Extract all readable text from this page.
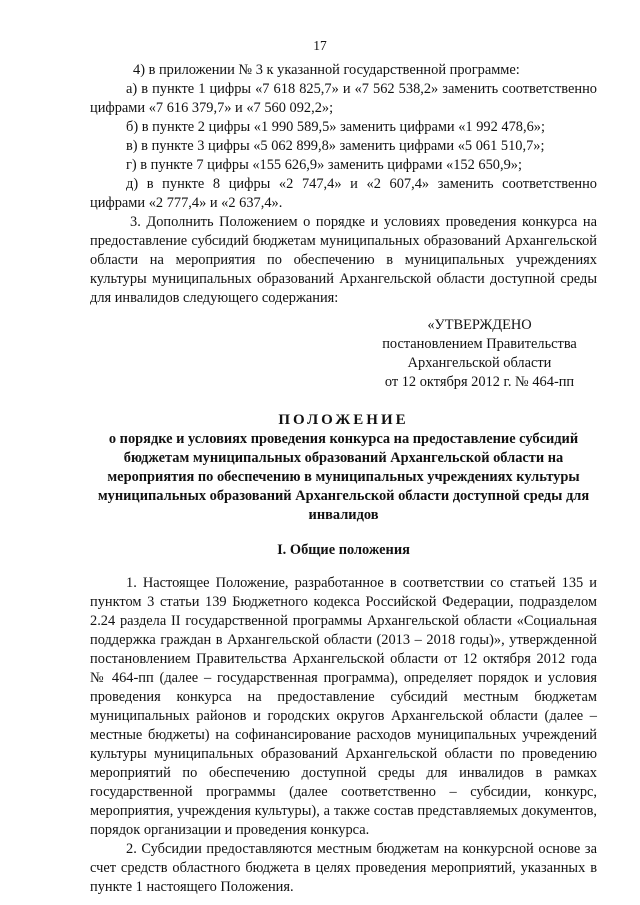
17

4) в приложении № 3 к указанной государственной программе:

а) в пункте 1 цифры «7 618 825,7» и «7 562 538,2» заменить соответственно цифрами «7 616 379,7» и «7 560 092,2»;

б) в пункте 2 цифры «1 990 589,5» заменить цифрами «1 992 478,6»;

в) в пункте 3 цифры «5 062 899,8» заменить цифрами «5 061 510,7»;

г) в пункте 7 цифры «155 626,9» заменить цифрами «152 650,9»;

д) в пункте 8 цифры «2 747,4» и «2 607,4» заменить соответственно цифрами «2 777,4» и «2 637,4».

3. Дополнить Положением о порядке и условиях проведения конкурса на предоставление субсидий бюджетам муниципальных образований Архангельской области на мероприятия по обеспечению в муниципальных учреждениях культуры муниципальных образований Архангельской области доступной среды для инвалидов следующего содержания:

«УТВЕРЖДЕНО
постановлением Правительства
Архангельской области
от 12 октября 2012 г. № 464-пп
ПОЛОЖЕНИЕ
о порядке и условиях проведения конкурса на предоставление субсидий бюджетам муниципальных образований Архангельской области на мероприятия по обеспечению в муниципальных учреждениях культуры муниципальных образований Архангельской области доступной среды для инвалидов
I. Общие положения

1. Настоящее Положение, разработанное в соответствии со статьей 135 и пунктом 3 статьи 139 Бюджетного кодекса Российской Федерации, подразделом 2.24 раздела II государственной программы Архангельской области «Социальная поддержка граждан в Архангельской области (2013 – 2018 годы)», утвержденной постановлением Правительства Архангельской области от 12 октября 2012 года № 464-пп (далее – государственная программа), определяет порядок и условия проведения конкурса на предоставление субсидий местным бюджетам муниципальных районов и городских округов Архангельской области (далее – местные бюджеты) на софинансирование расходов муниципальных учреждений культуры муниципальных образований Архангельской области по проведению мероприятий по обеспечению доступной среды для инвалидов в рамках государственной программы (далее соответственно – субсидии, конкурс, мероприятия, учреждения культуры), а также состав представляемых документов, порядок организации и проведения конкурса.

2. Субсидии предоставляются местным бюджетам на конкурсной основе за счет средств областного бюджета в целях проведения мероприятий, указанных в пункте 1 настоящего Положения.
